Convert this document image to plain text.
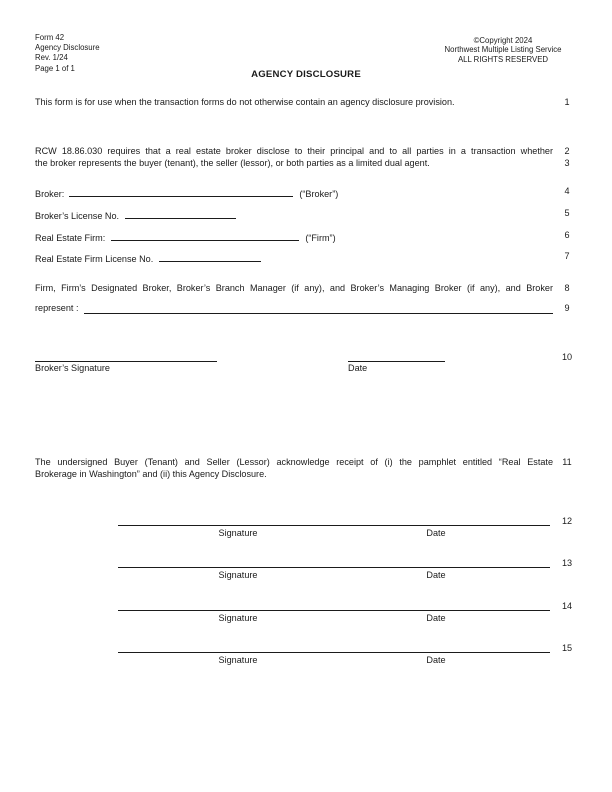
Form 42
Agency Disclosure
Rev. 1/24
Page 1 of 1
©Copyright 2024
Northwest Multiple Listing Service
ALL RIGHTS RESERVED
AGENCY DISCLOSURE
This form is for use when the transaction forms do not otherwise contain an agency disclosure provision.	1
RCW 18.86.030 requires that a real estate broker disclose to their principal and to all parties in a transaction whether
the broker represents the buyer (tenant), the seller (lessor), or both parties as a limited dual agent.
2
3
Broker:	(“Broker”)	4
Broker’s License No.	5
Real Estate Firm:	(“Firm”)	6
Real Estate Firm License No.	7
Firm, Firm’s Designated Broker, Broker’s Branch Manager (if any), and Broker’s Managing Broker (if any), and Broker
represent :
8
9
Broker’s Signature	Date
10
The undersigned Buyer (Tenant) and Seller (Lessor) acknowledge receipt of (i) the pamphlet entitled “Real Estate
Brokerage in Washington” and (ii) this Agency Disclosure.
11
Signature	Date
12
Signature	Date
13
Signature	Date
14
Signature	Date
15
